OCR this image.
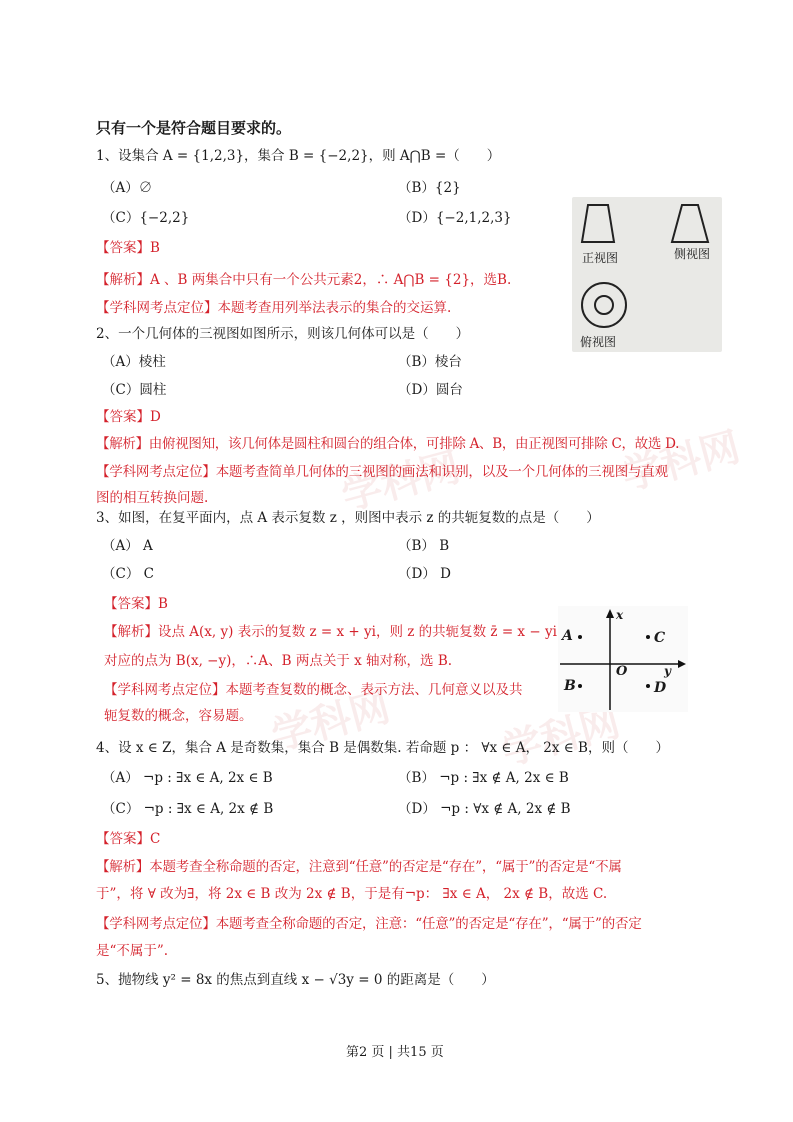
学科网	学科网
学科网	学科网
只有一个是符合题目要求的。
1、设集合 A = {1,2,3}，集合 B = {−2,2}，则 A⋂B =（　　）
（A）∅	（B）{2}
（C）{−2,2}	（D）{−2,1,2,3}
【答案】B
【解析】A 、B 两集合中只有一个公共元素2，∴ A⋂B = {2}，选B.
【学科网考点定位】本题考查用列举法表示的集合的交运算.
正视图	侧视图
俯视图
2、一个几何体的三视图如图所示，则该几何体可以是（　　）
（A）棱柱	（B）棱台
（C）圆柱	（D）圆台
【答案】D
【解析】由俯视图知，该几何体是圆柱和圆台的组合体，可排除 A、B，由正视图可排除 C，故选 D.
【学科网考点定位】本题考查简单几何体的三视图的画法和识别，以及一个几何体的三视图与直观
图的相互转换问题.
3、如图，在复平面内，点 A 表示复数 z ，则图中表示 z 的共轭复数的点是（　　）
（A） A	（B） B
（C） C	（D） D
【答案】B
【解析】设点 A(x, y) 表示的复数 z = x + yi，则 z 的共轭复数 z̄ = x − yi
对应的点为 B(x, −y)，∴A、B 两点关于 x 轴对称，选 B.
【学科网考点定位】本题考查复数的概念、表示方法、几何意义以及共
轭复数的概念，容易题。
x
y
O
A	C
B	D
4、设 x ∈ Z，集合 A 是奇数集，集合 B 是偶数集. 若命题 p ： ∀x ∈ A， 2x ∈ B，则（　　）
（A） ¬p : ∃x ∈ A, 2x ∈ B	（B） ¬p : ∃x ∉ A, 2x ∈ B
（C） ¬p : ∃x ∈ A, 2x ∉ B	（D） ¬p : ∀x ∉ A, 2x ∉ B
【答案】C
【解析】本题考查全称命题的否定，注意到“任意”的否定是“存在”，“属于”的否定是“不属
于”，将 ∀ 改为∃，将 2x ∈ B 改为 2x ∉ B，于是有¬p： ∃x ∈ A， 2x ∉ B，故选 C.
【学科网考点定位】本题考查全称命题的否定，注意：“任意”的否定是“存在”，“属于”的否定
是“不属于”.
5、抛物线 y² = 8x 的焦点到直线 x − √3y = 0 的距离是（　　）
第2 页 | 共15 页
